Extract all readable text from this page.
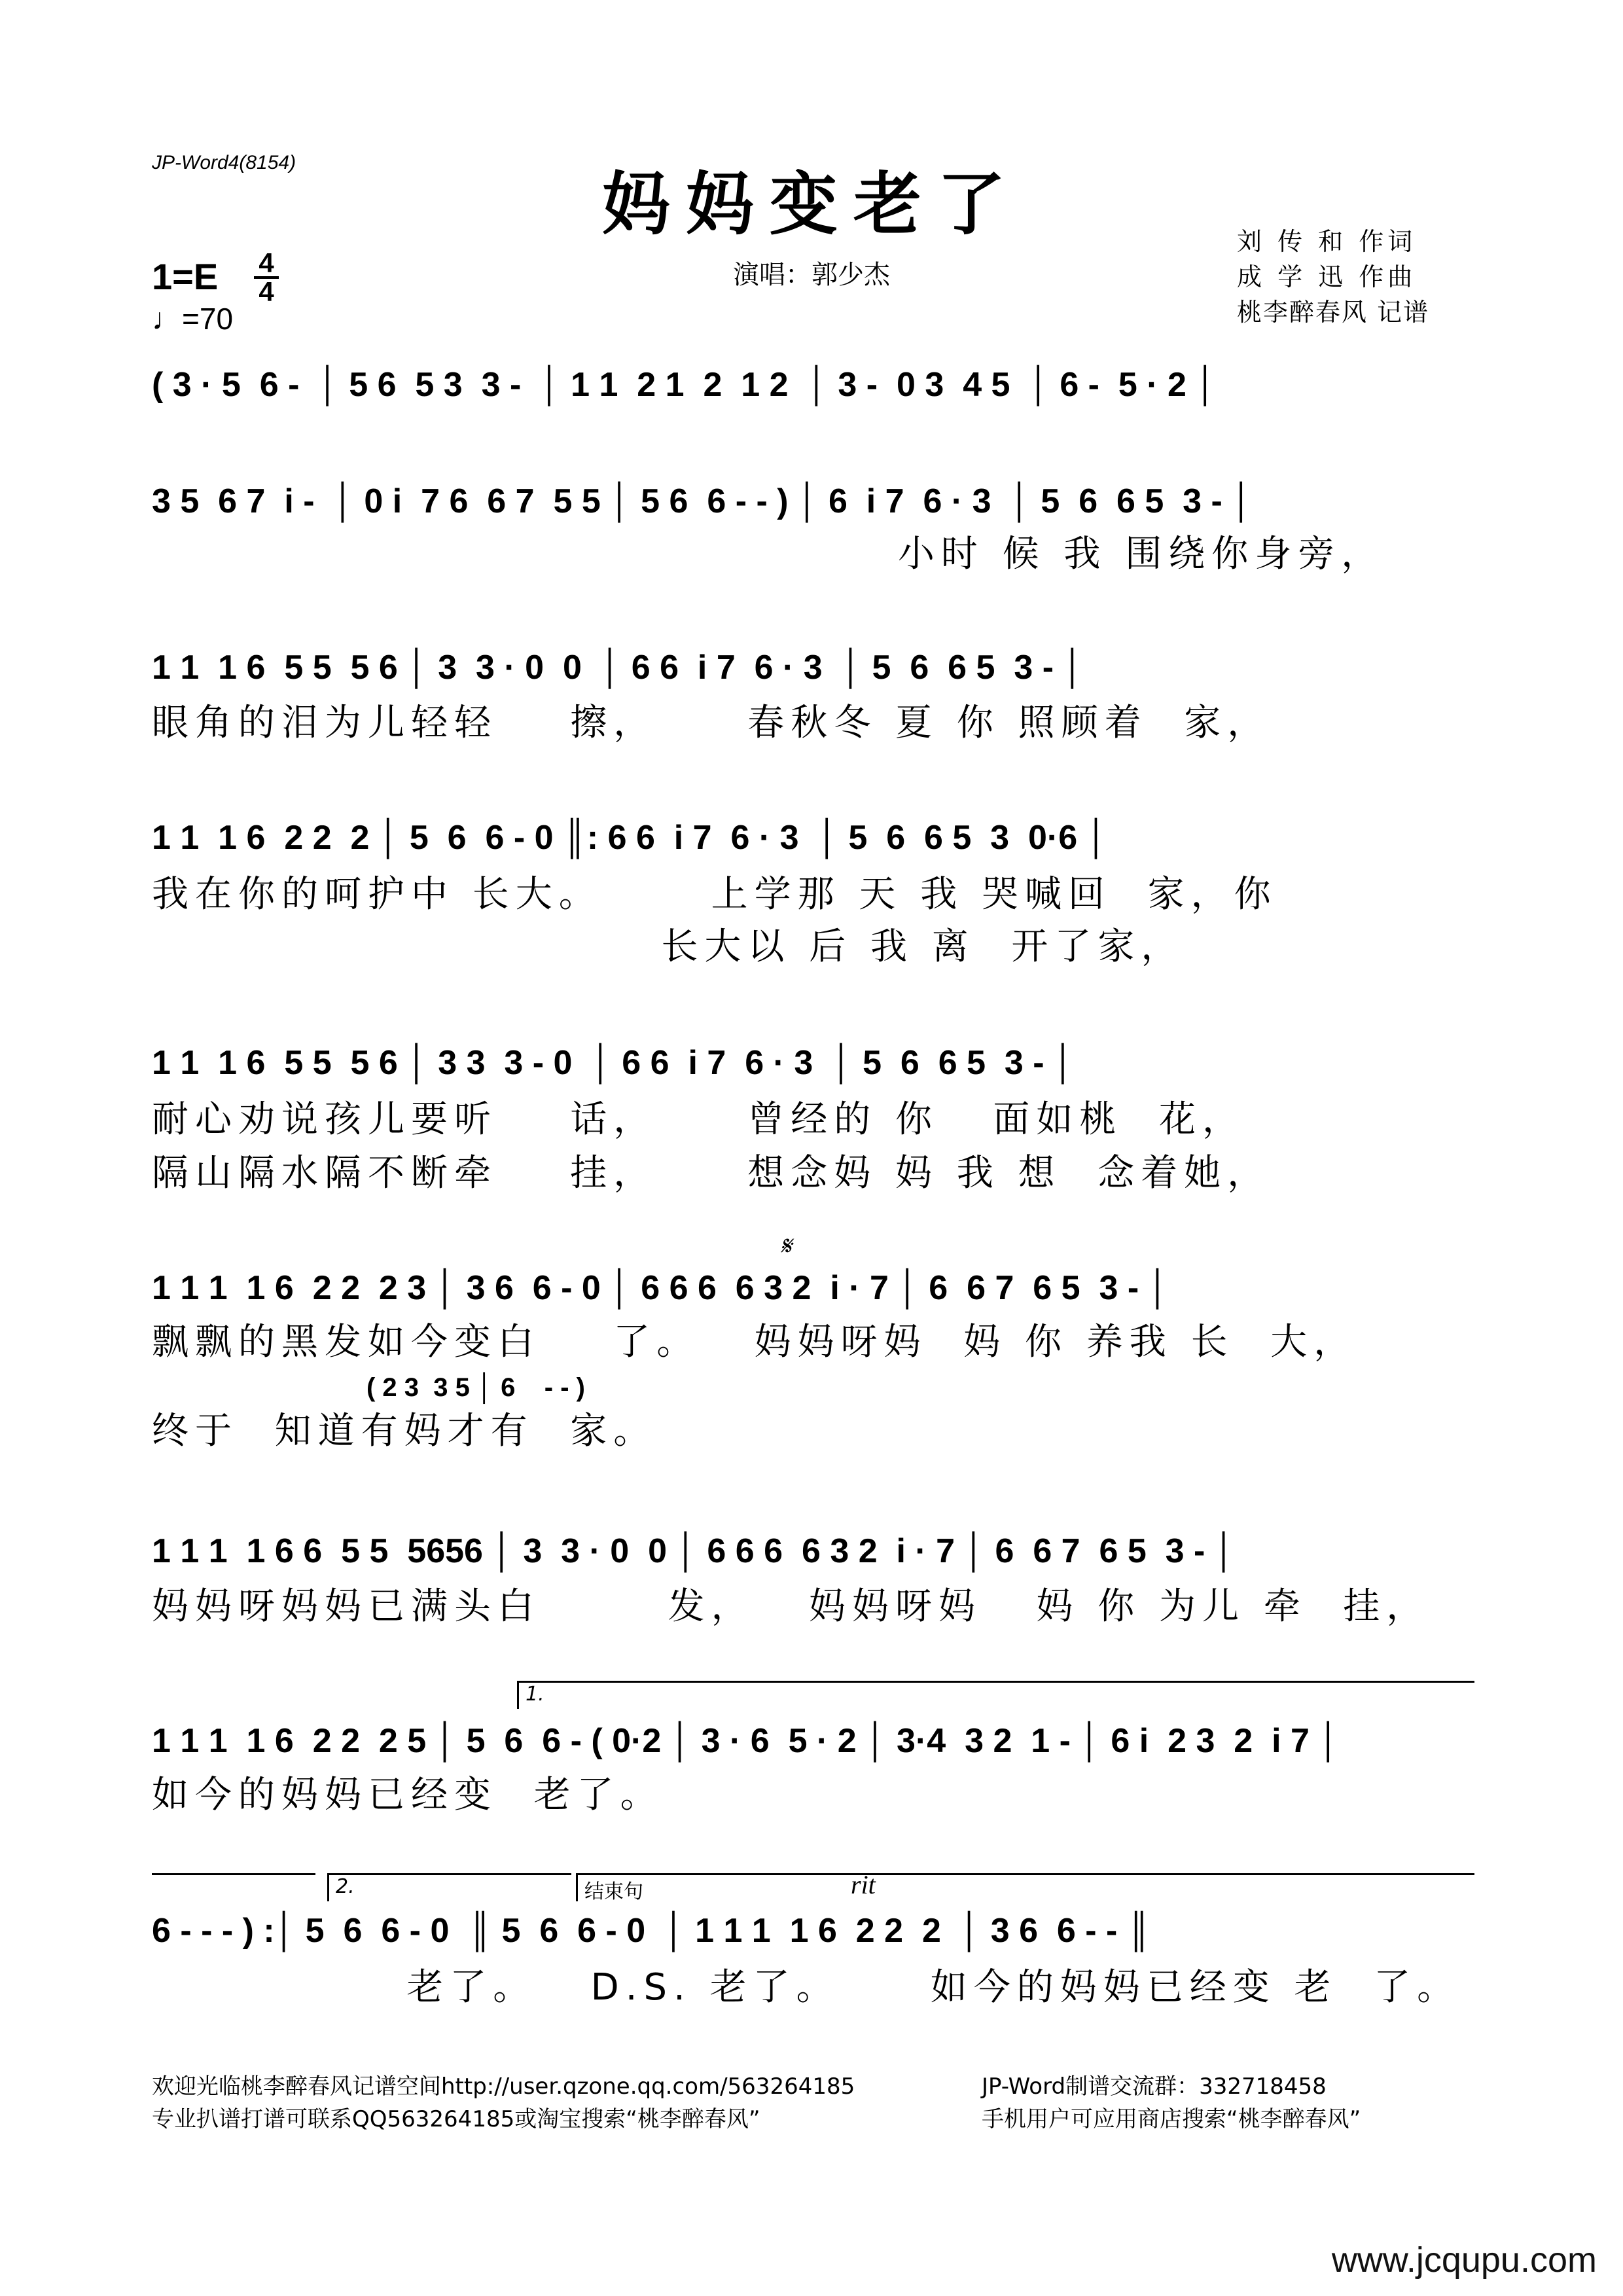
JP-Word4(8154)
妈妈变老了
1=E 4
4
♩=70
演唱：郭少杰
刘 传 和 作词
成 学 迅 作曲
桃李醉春风 记谱
( 3 · 5  6 -  │ 5 6  5 3  3 -  │ 1 1  2 1  2  1 2  │ 3 -  0 3  4 5  │ 6 -  5 · 2 │
3 5  6 7  i -  │ 0 i  7 6  6 7  5 5 │ 5 6  6 - - ) │ 6  i 7  6 · 3  │ 5  6  6 5  3 - │
小时 候 我 围绕你身旁，
1 1  1 6  5 5  5 6 │ 3  3 · 0  0  │ 6 6  i 7  6 · 3  │ 5  6  6 5  3 - │
眼角的泪为儿轻轻    擦，     春秋冬 夏 你 照顾着  家，
1 1  1 6  2 2  2 │ 5  6  6 - 0 ║: 6 6  i 7  6 · 3  │ 5  6  6 5  3  0·6 │
我在你的呵护中 长大。      上学那 天 我 哭喊回  家，你
长大以 后 我 离  开了家，
1 1  1 6  5 5  5 6 │ 3 3  3 - 0  │ 6 6  i 7  6 · 3  │ 5  6  6 5  3 - │
耐心劝说孩儿要听    话，     曾经的 你   面如桃  花，
隔山隔水隔不断牵    挂，     想念妈 妈 我 想  念着她，
𝄋
1 1 1  1 6  2 2  2 3 │ 3 6  6 - 0 │ 6 6 6  6 3 2  i · 7 │ 6  6 7  6 5  3 - │
飘飘的黑发如今变白    了。   妈妈呀妈  妈 你 养我 长  大，
( 2 3  3 5 │ 6    - - )
终于  知道有妈才有  家。
1 1 1  1 6 6  5 5  5656 │ 3  3 · 0  0 │ 6 6 6  6 3 2  i · 7 │ 6  6 7  6 5  3 - │
妈妈呀妈妈已满头白       发，   妈妈呀妈   妈 你 为儿 牵  挂，
1.
1 1 1  1 6  2 2  2 5 │ 5  6  6 - ( 0·2 │ 3 · 6  5 · 2 │ 3·4  3 2  1 - │ 6 i  2 3  2  i 7 │
如今的妈妈已经变  老了。
2.	结束句	rit
6 - - - ) :│ 5  6  6 - 0  ║ 5  6  6 - 0  │ 1 1 1  1 6  2 2  2  │ 3 6  6 - - ║
老了。   D.S. 老了。     如今的妈妈已经变 老  了。
欢迎光临桃李醉春风记谱空间http://user.qzone.qq.com/563264185	JP-Word制谱交流群：332718458
专业扒谱打谱可联系QQ563264185或淘宝搜索“桃李醉春风”	手机用户可应用商店搜索“桃李醉春风”
www.jcqupu.com
